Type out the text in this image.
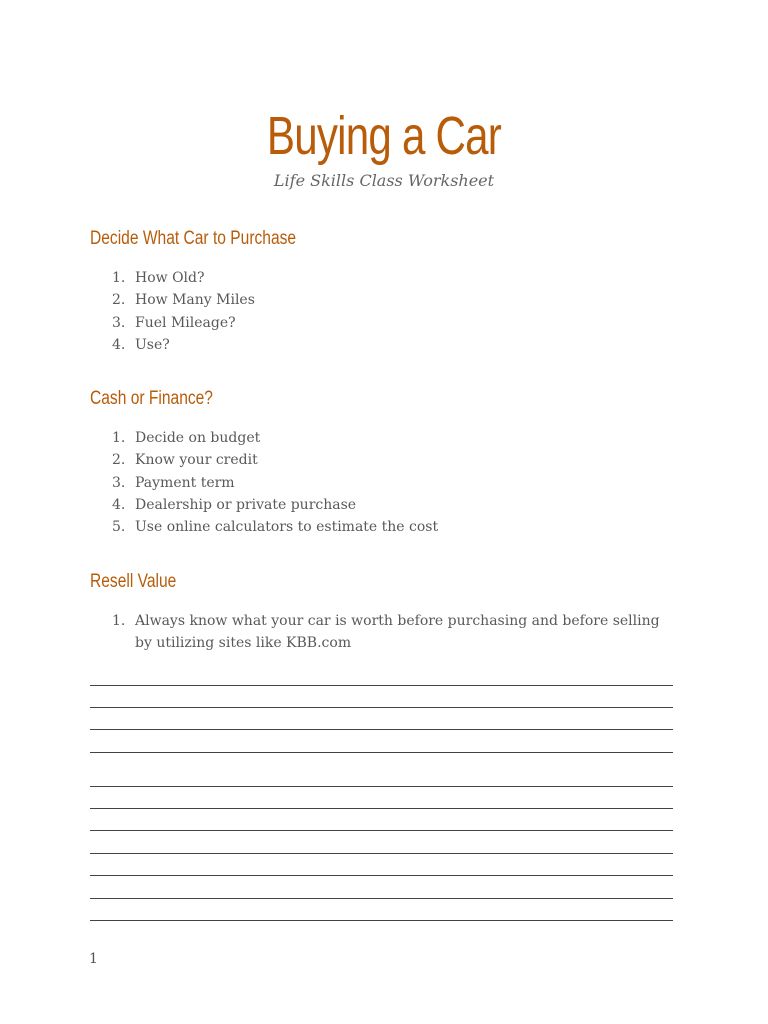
Buying a Car
Life Skills Class Worksheet
Decide What Car to Purchase
1. How Old?
2. How Many Miles
3. Fuel Mileage?
4. Use?
Cash or Finance?
1. Decide on budget
2. Know your credit
3. Payment term
4. Dealership or private purchase
5. Use online calculators to estimate the cost
Resell Value
1. Always know what your car is worth before purchasing and before selling by utilizing sites like KBB.com
1
